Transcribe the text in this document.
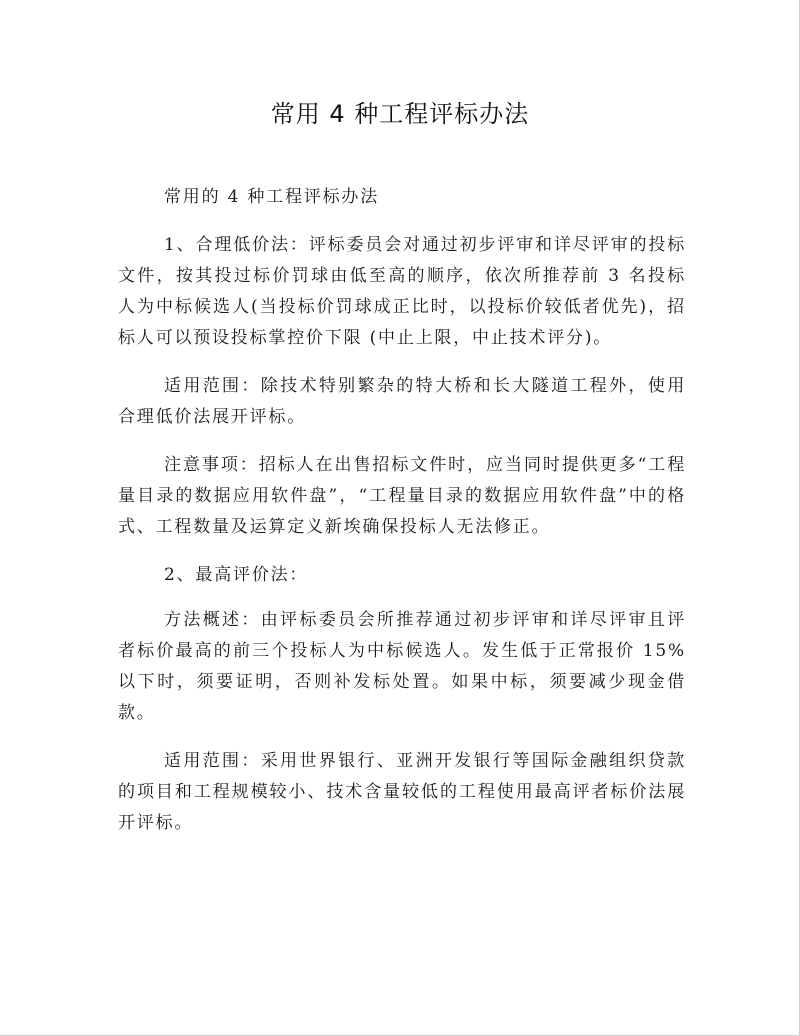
常用 4 种工程评标办法

常用的 4 种工程评标办法

1、合理低价法：评标委员会对通过初步评审和详尽评审的投标文件，按其投过标价罚球由低至高的顺序，依次所推荐前 3 名投标人为中标候选人(当投标价罚球成正比时，以投标价较低者优先)，招标人可以预设投标掌控价下限 (中止上限，中止技术评分)。

适用范围：除技术特别繁杂的特大桥和长大隧道工程外，使用合理低价法展开评标。

注意事项：招标人在出售招标文件时，应当同时提供更多“工程量目录的数据应用软件盘”，“工程量目录的数据应用软件盘”中的格式、工程数量及运算定义新埃确保投标人无法修正。

2、最高评价法：

方法概述：由评标委员会所推荐通过初步评审和详尽评审且评者标价最高的前三个投标人为中标候选人。发生低于正常报价 15%以下时，须要证明，否则补发标处置。如果中标，须要减少现金借款。

适用范围：采用世界银行、亚洲开发银行等国际金融组织贷款的项目和工程规模较小、技术含量较低的工程使用最高评者标价法展开评标。
